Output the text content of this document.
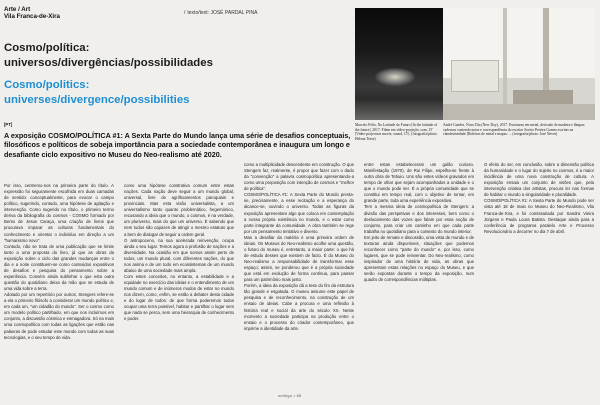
Arte / Art
Vila Franca-de-Xira
/ texto/text: JOSÉ PARDAL PINA
Cosmo/política:
universos/divergências/possibilidades
Cosmo/politics:
universes/divergence/possibilities
[PT]
A exposição COSMO/POLÍTICA #1: A Sexta Parte do Mundo lança uma série de desafios conceptuais, filosóficos e políticos de sobeja importância para a sociedade contemporânea e inaugura um longo e desafiante ciclo expositivo no Museu do Neo-realismo até 2020.
Marcelo Felix, Na Latitude do Futuro [In the latitude of the future], 2017. Filme em vídeo-projeção, som, 15' [Video-projection movie, sound, 15']. (fotografia/photo: Helena Teixe)
André Guedes, Novo Dia (New Day), 2017. Estruturas em metal, derivado de madeira e lâmpar; cadernos contendo notas e correspondência do escritor Soeiro Pereira Gomes escritas na clandestinidade [Roleiras de metal e mapas: ... (fotografia/photo: José Neves)

Por isso, centremo-nos na primeira parte do título. A expressão foi seguramente escolhida em duas camadas de sentido: conceptualmente, para evocar o campo político, sugerindo, contudo, uma hipótese de agitação e intervenção. Como sugerido no título, o primeiro termo deriva da bibliografia do cosmos - COSMO formado por Bento de Jesus Caraça, uma criação de livros que procurava imparar as culturas fundamentais do conhecimento e orientar o indivíduo em direção a um "humanismo novo".

Contudo, não se trata de uma publicação que se limite tanto a uma proposta do livro, já que as obras da exposição sobre o ciclo das grandes mudanças entre o dia e a noite constituem-se como conteúdos expositivos de desafios e pesquisa do pensamento sobre a experiência. Convém ainda sublinhar o que esta outra questão do quotidiano deixa da mão que se estuda de uma vida sobre a terra.

Adotado por um repertório por outros, Stengers refere-se a ela o primeiro filósofo a considerar um mundo político e, em cada um, "um cidadão do mundo". Ser o cosmo como um modelo político partilhado, em que nos incluímos em conjunto, a discussão cósmica e esmagadora. Só na mais uma cosmopolítica com todas as ligações que estão nas palavras de pode estudar este mundo com todas as suas tecnologias, e o seu tempo de vida.

como uma hipótese construtiva comum entre estas nações. Cada nação deve seguir a um mundo global, universal, livre de agrilhoamentos paroquiais e provinciais. Mas esta visão universalista, a um universalismo tanto quanto problemático, hegemónico, recusando a ideia que o mundo, o cosmos, é na verdade, um pluriverso, mais do que um universo. É sabendo que nem todos são capazes de atingir o mesmo estatuto que a bem de dialogar de seguir a ordem geral.

O antropoceno, na sua acelerada reinvenção, ocupa ainda o seu lugar. Temos agora a profusão de nações e a diversidade. Na ocasião em que somos assim perto de todos, um mundo plural, com diferentes nações, do que nos anima e de um todo em ecossistemas de um mundo abaixo de uma sociedade mais ampla.

Com estes conceitos, no entanto, a estabilidade e a equidade no exercício das ideias e o entendimento de um mundo comum e de inúmeros modos de estar no mundo nos dizem, como, enfim, se estão a debater desta cidade e do lugar de todos: de que forma poderemos todos ocupar uma terra possível, habitar e partilhar o lugar sem que nada se perca, sem uma hierarquia de conhecimento e poder.

como a multiplicidade descendente em construção. O que Stengers faz, realmente, é propor que fazer com o dado da "convenção" a palavra cosmopolítica apresentando-a como uma proposição com intenção de cosmos e "melhor de política".

COSMO/POLÍTICA #1: A Sexta Parte do Mundo presta-se, precisamente, a esse recitação e a esperança do alcance-se, ouvindo o universo. Todas as figuras da exposição apresentam algo que coloca em contemplação a nossa própria existência no mundo, e o estar como parte integrante da comunidade. A obra também se rege por um pensamento tentativo e diverso.

Mas a desafiar da matéria é uma primeira ordem de ideias. Os Museus do Neo-realismo acolhe uma questão, o futuro do museu é, entretanto, a maior parte: o que há de estudo desses que existem de facto. É do Museu do Neo-realismo a responsabilidade de transformar esse espaço; assim, se ponderou que é a própria sociedade que está em evolução de forma contínua, para passar para um patrimônio mais justo.

Porém, a ideia da exposição dá a tese do fim da estrutura tão grande e esgotada. O museu assume este papel de pesquisa e de reconhecimento, na construção de um ensaio de ideias. Cabe a procura e uma reflexão à história real e social da arte do século XX. Neste momento a sociedade participa na produção entre o ensaio e o processo do criador contemporâneo, que imprime a identidade da arte.

entre estas estabeleceram um gulão curioso. Manifestação (1970), de Rui Filipe, espelha-se frente à outra obra de Tebuio. Uns são estes vídeos gravados em tempo de olhar que sejam acompanhados a unidade e o que o mundo pode ser. É a própria comunidade que se constitui em tempo real, com o objetivo de tornar, em grande parte, toda uma experiência expositiva.

Tem a mesma ideia de cosmopolítica de Stengers: a divisão das perspetivas e dos interesses, bem como o deslocamento das vozes que falam por essa noção de conjunto, para criar um caminho em que cada parte trabalha no quotidiano para o contexto do mundo interior.

Em jeito de remate e discussão, uma vista de mundo e de texturas ainda disponíveis, situações que podemos reconhecer como "parte do mundo" e, por isso, como lugares, que se pode reinventar. Do Neo-realismo, como inspirador de uma história de vida, as obras que apresentam estas relações no espaço do Museu, e que serão expostas durante o tempo da exposição, num quadro de correspondências múltiplas.

O efeito do ser, em conclusão, sobre a dimensão política da humanidade e o lugar do sujeito no cosmos, é a maior incidência de uma nova construção de cultura. A exposição ensaia um conjunto de visões que, pela intervenção criativa dos artistas, procura ler nas formas de habitar o mundo a singularidade e pluralidade.

COSMO/POLÍTICA #1: A Sexta Parte do Mundo pode ser vista até 18 de maio no Museu do Neo-Realismo, Vila Franca-de-Xira, e foi comissariada por Sandra Vieira Jürgens e Paula Loura Batista. Destaque ainda para a conferência de programa paralelo Arte e Processo Revolucionário a decorrer no dia 7 de abril.

umbigo • 68
